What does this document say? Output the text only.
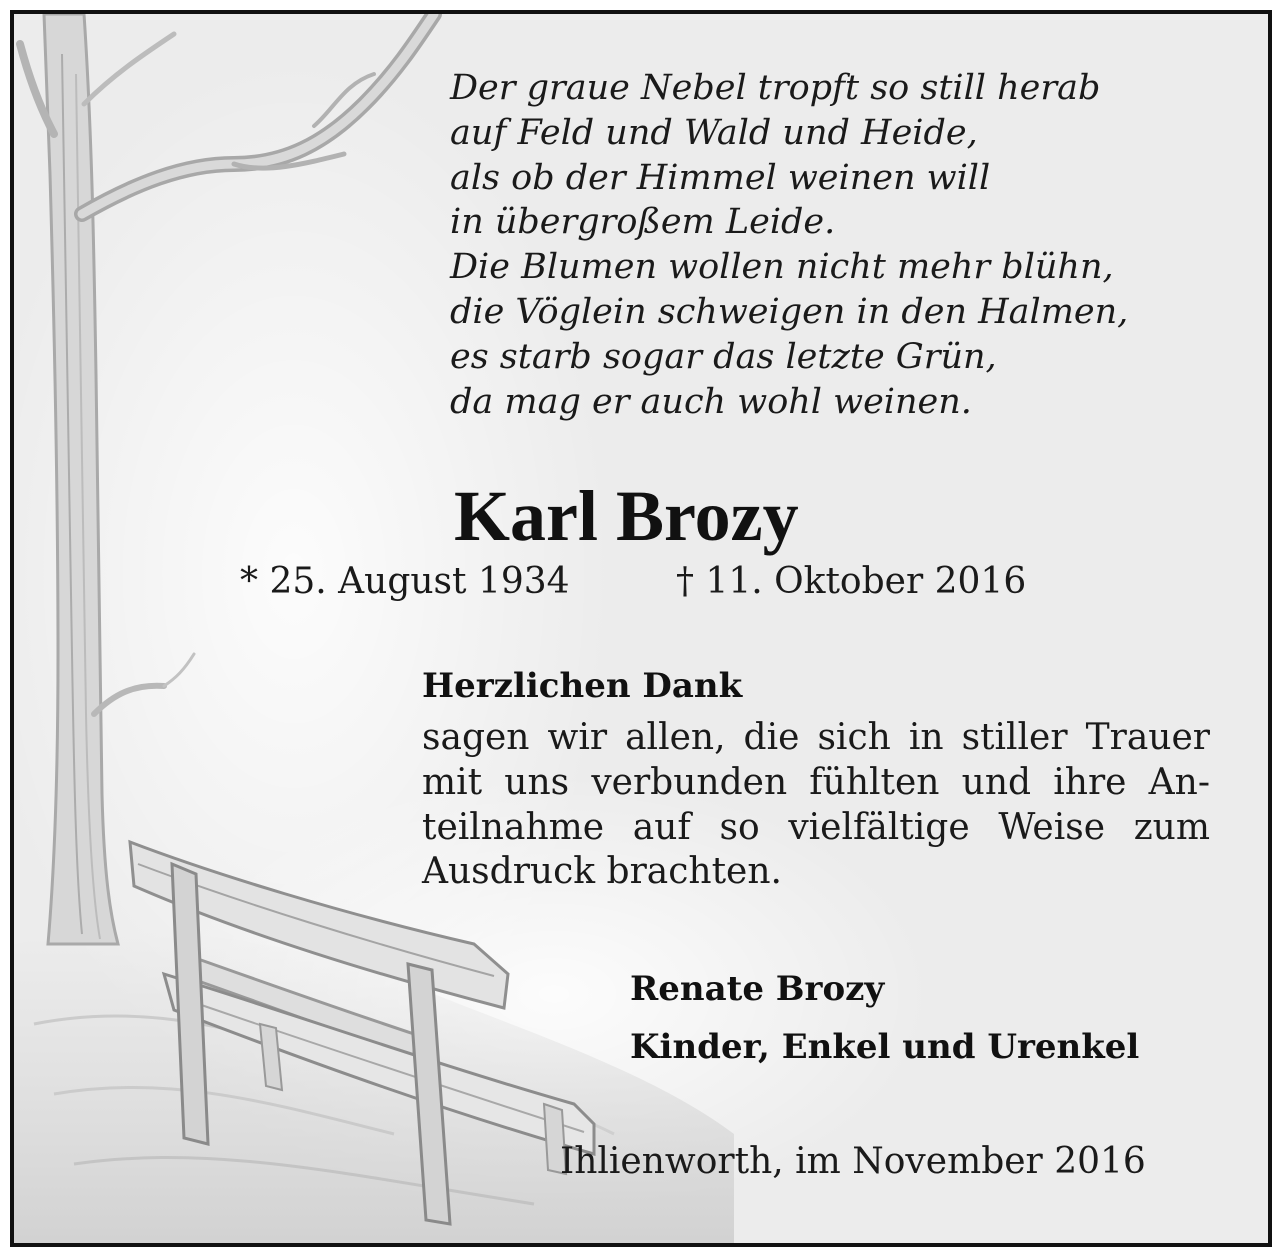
Der graue Nebel tropft so still herab
auf Feld und Wald und Heide,
als ob der Himmel weinen will
in übergroßem Leide.
Die Blumen wollen nicht mehr blühn,
die Vöglein schweigen in den Halmen,
es starb sogar das letzte Grün,
da mag er auch wohl weinen.
Karl Brozy
* 25. August 1934	† 11. Oktober 2016
Herzlichen Dank
sagen wir allen, die sich in stiller Trauer
mit uns verbunden fühlten und ihre An-
teilnahme auf so vielfältige Weise zum
Ausdruck brachten.
Renate Brozy
Kinder, Enkel und Urenkel
Ihlienworth, im November 2016
